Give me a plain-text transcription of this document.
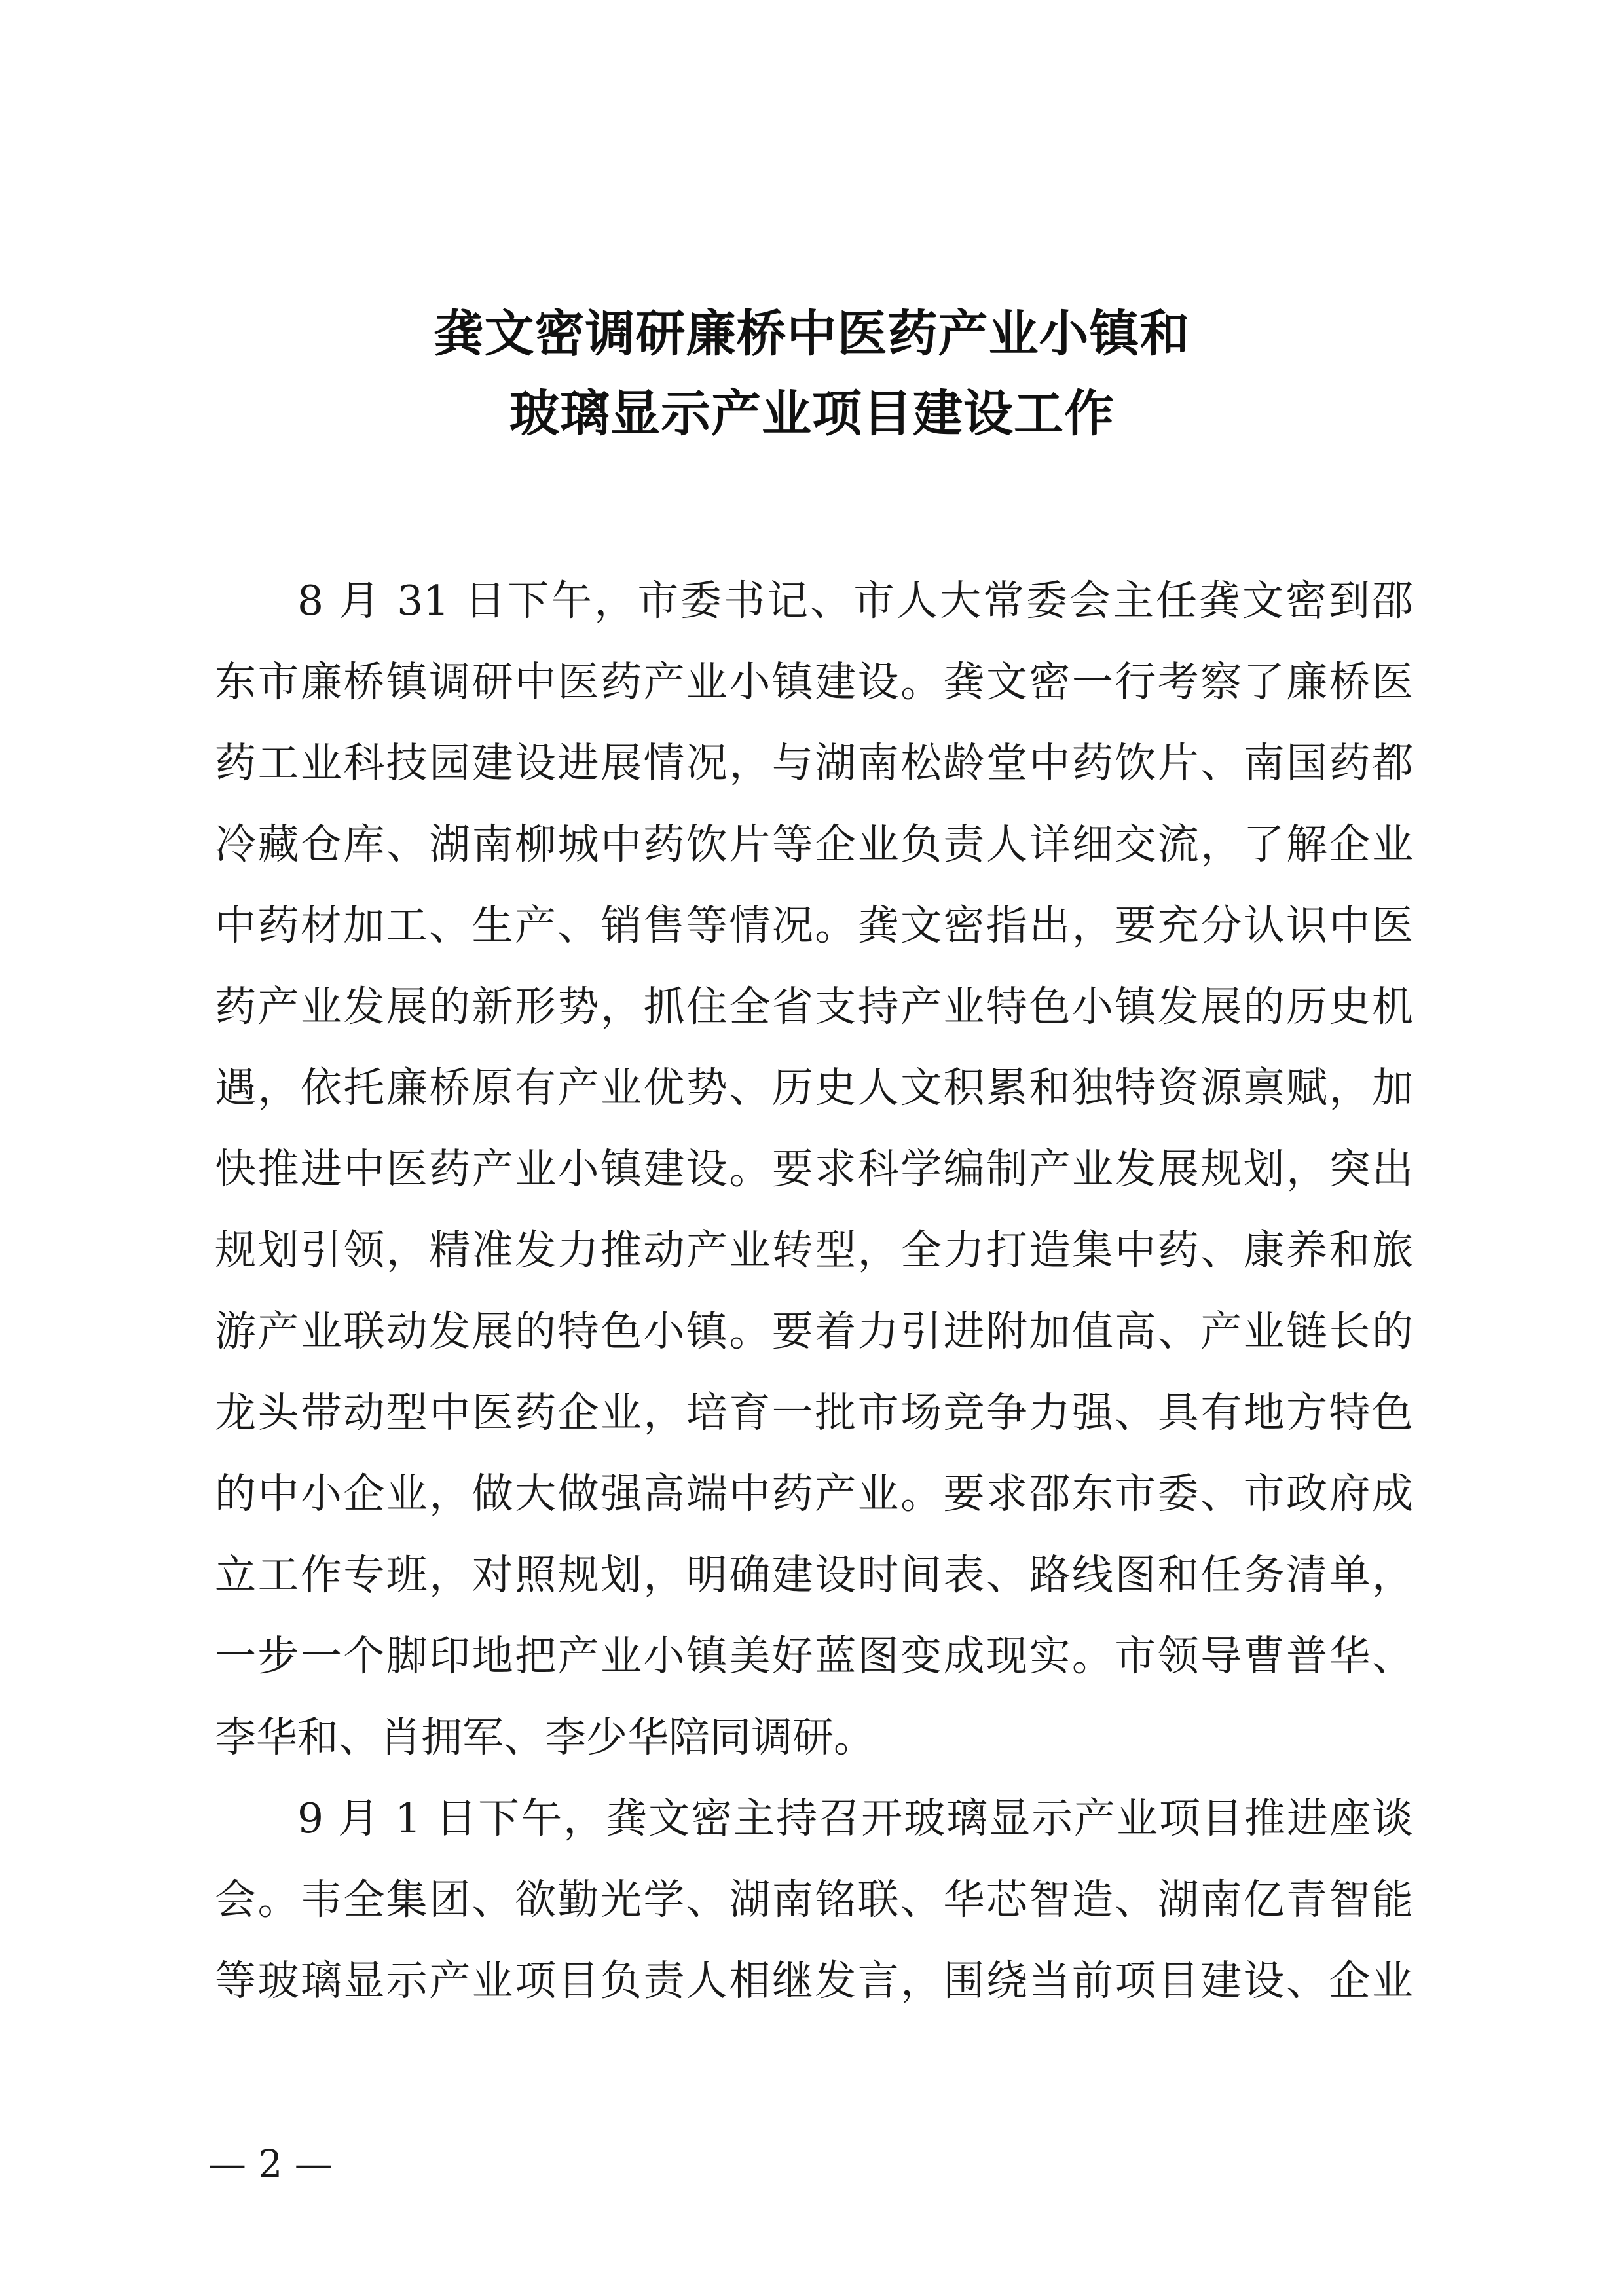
龚文密调研廉桥中医药产业小镇和
玻璃显示产业项目建设工作
8 月 31 日下午，市委书记、市人大常委会主任龚文密到邵
东市廉桥镇调研中医药产业小镇建设。龚文密一行考察了廉桥医
药工业科技园建设进展情况，与湖南松龄堂中药饮片、南国药都
冷藏仓库、湖南柳城中药饮片等企业负责人详细交流，了解企业
中药材加工、生产、销售等情况。龚文密指出，要充分认识中医
药产业发展的新形势，抓住全省支持产业特色小镇发展的历史机
遇，依托廉桥原有产业优势、历史人文积累和独特资源禀赋，加
快推进中医药产业小镇建设。要求科学编制产业发展规划，突出
规划引领，精准发力推动产业转型，全力打造集中药、康养和旅
游产业联动发展的特色小镇。要着力引进附加值高、产业链长的
龙头带动型中医药企业，培育一批市场竞争力强、具有地方特色
的中小企业，做大做强高端中药产业。要求邵东市委、市政府成
立工作专班，对照规划，明确建设时间表、路线图和任务清单，
一步一个脚印地把产业小镇美好蓝图变成现实。市领导曹普华、
李华和、肖拥军、李少华陪同调研。
9 月 1 日下午，龚文密主持召开玻璃显示产业项目推进座谈
会。韦全集团、欲勤光学、湖南铭联、华芯智造、湖南亿青智能
等玻璃显示产业项目负责人相继发言，围绕当前项目建设、企业
— 2 —
